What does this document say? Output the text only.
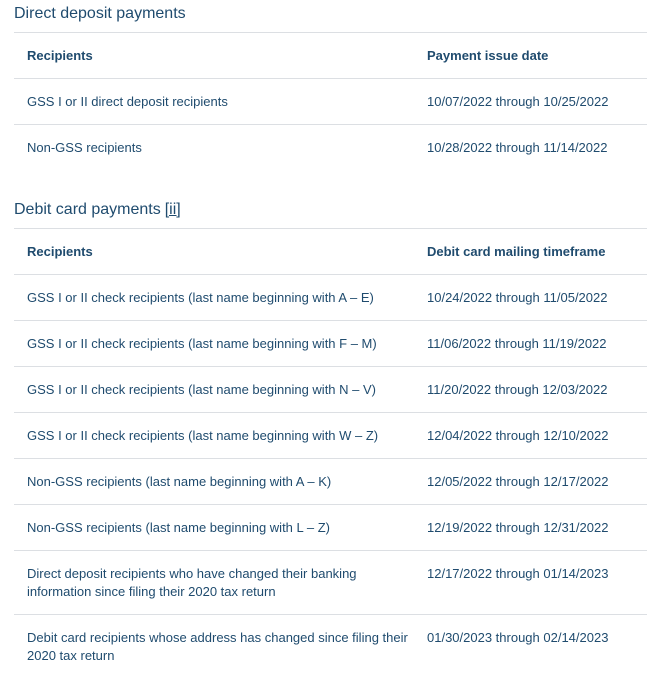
Direct deposit payments
Recipients	Payment issue date
GSS I or II direct deposit recipients	10/07/2022 through 10/25/2022
Non-GSS recipients	10/28/2022 through 11/14/2022
Debit card payments [ii]
Recipients	Debit card mailing timeframe
GSS I or II check recipients (last name beginning with A – E)	10/24/2022 through 11/05/2022
GSS I or II check recipients (last name beginning with F – M)	11/06/2022 through 11/19/2022
GSS I or II check recipients (last name beginning with N – V)	11/20/2022 through 12/03/2022
GSS I or II check recipients (last name beginning with W – Z)	12/04/2022 through 12/10/2022
Non-GSS recipients (last name beginning with A – K)	12/05/2022 through 12/17/2022
Non-GSS recipients (last name beginning with L – Z)	12/19/2022 through 12/31/2022
Direct deposit recipients who have changed their banking information since filing their 2020 tax return	12/17/2022 through 01/14/2023
Debit card recipients whose address has changed since filing their 2020 tax return	01/30/2023 through 02/14/2023
